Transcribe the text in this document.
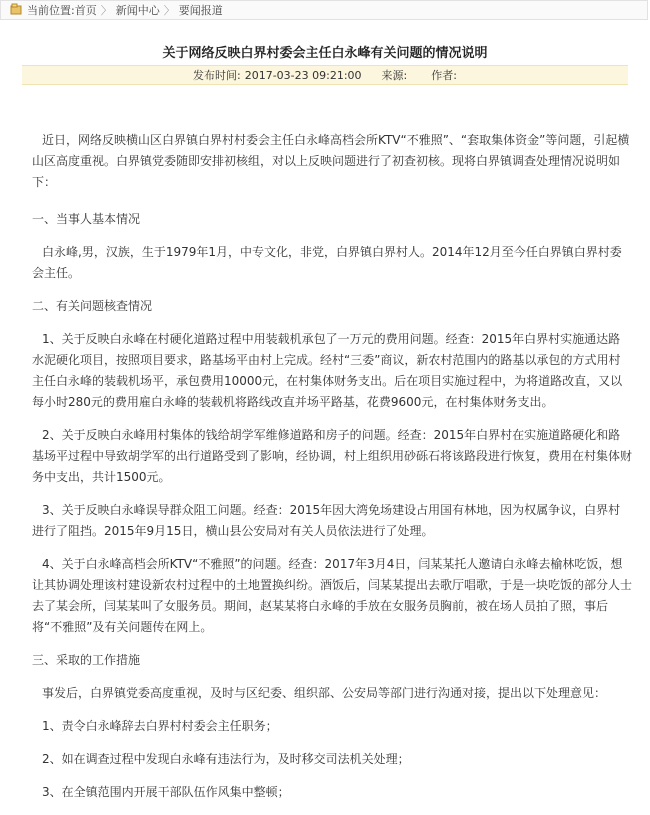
当前位置: 首页 〉 新闻中心 〉 要闻报道
关于网络反映白界村委会主任白永峰有关问题的情况说明
发布时间: 2017-03-23 09:21:00 来源: 作者:

近日，网络反映横山区白界镇白界村村委会主任白永峰高档会所KTV“不雅照”、“套取集体资金”等问题，引起横山区高度重视。白界镇党委随即安排初核组，对以上反映问题进行了初查初核。现将白界镇调查处理情况说明如下：

一、当事人基本情况

白永峰,男，汉族，生于1979年1月，中专文化，非党，白界镇白界村人。2014年12月至今任白界镇白界村委会主任。

二、有关问题核查情况

1、关于反映白永峰在村硬化道路过程中用装载机承包了一万元的费用问题。经查：2015年白界村实施通达路水泥硬化项目，按照项目要求，路基场平由村上完成。经村“三委”商议，新农村范围内的路基以承包的方式用村主任白永峰的装载机场平，承包费用10000元，在村集体财务支出。后在项目实施过程中，为将道路改直，又以每小时280元的费用雇白永峰的装载机将路线改直并场平路基，花费9600元，在村集体财务支出。

2、关于反映白永峰用村集体的钱给胡学军维修道路和房子的问题。经查：2015年白界村在实施道路硬化和路基场平过程中导致胡学军的出行道路受到了影响，经协调，村上组织用砂砾石将该路段进行恢复，费用在村集体财务中支出，共计1500元。

3、关于反映白永峰误导群众阻工问题。经查：2015年因大湾免场建设占用国有林地，因为权属争议，白界村进行了阻挡。2015年9月15日，横山县公安局对有关人员依法进行了处理。

4、关于白永峰高档会所KTV“不雅照”的问题。经查：2017年3月4日，闫某某托人邀请白永峰去榆林吃饭，想让其协调处理该村建设新农村过程中的土地置换纠纷。酒饭后，闫某某提出去歌厅唱歌，于是一块吃饭的部分人士去了某会所，闫某某叫了女服务员。期间，赵某某将白永峰的手放在女服务员胸前，被在场人员拍了照，事后将“不雅照”及有关问题传在网上。

三、采取的工作措施

事发后，白界镇党委高度重视，及时与区纪委、组织部、公安局等部门进行沟通对接，提出以下处理意见：

1、责令白永峰辞去白界村村委会主任职务；

2、如在调查过程中发现白永峰有违法行为，及时移交司法机关处理；

3、在全镇范围内开展干部队伍作风集中整顿；
